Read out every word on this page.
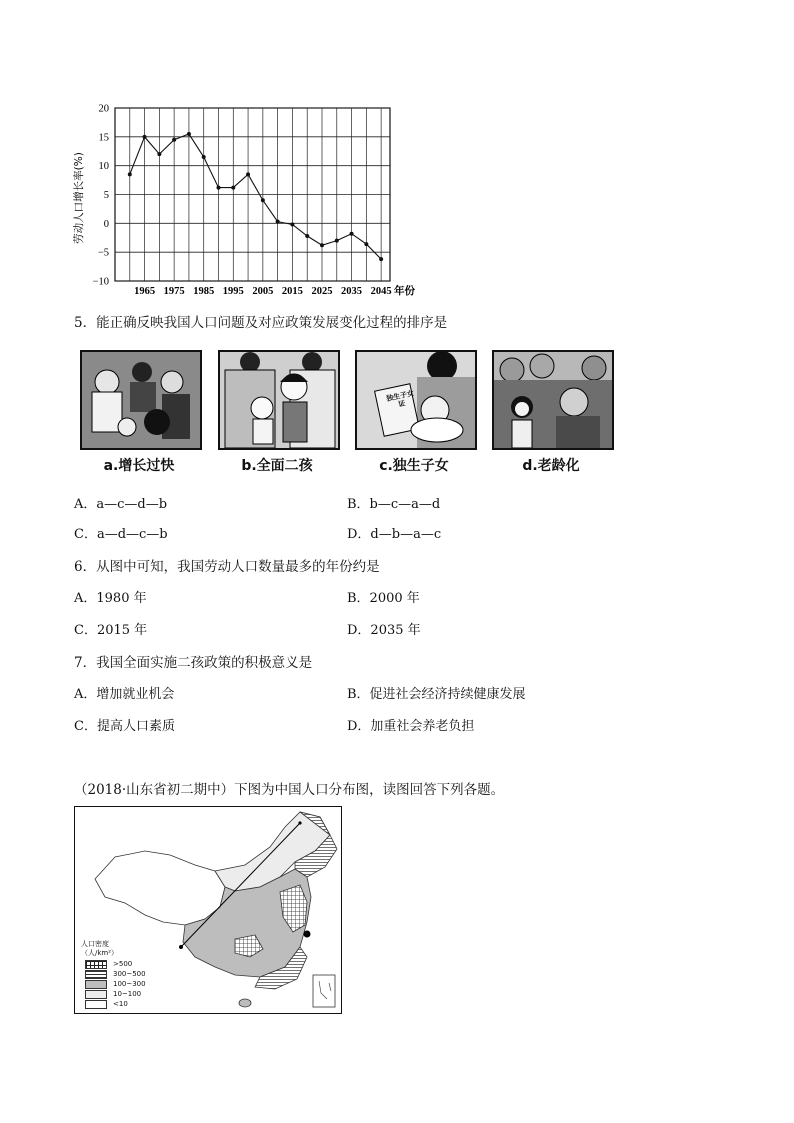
20
15
10
5
0
−5
−10
1965 1975 1985 1995 2005 2015 2025 2035 2045 年份
劳动人口增长率(%)
5．能正确反映我国人口问题及对应政策发展变化过程的排序是
a.增长过快	b.全面二孩
独生子女证
c.独生子女	d.老龄化
A．a—c—d—b	B．b—c—a—d
C．a—d—c—b	D．d—b—a—c
6．从图中可知，我国劳动人口数量最多的年份约是
A．1980 年	B．2000 年
C．2015 年	D．2035 年
7．我国全面实施二孩政策的积极意义是
A．增加就业机会	B．促进社会经济持续健康发展
C．提高人口素质	D．加重社会养老负担
（2018·山东省初二期中）下图为中国人口分布图，读图回答下列各题。
人口密度
（人/km²）
>500
300~500
100~300
10~100
<10
